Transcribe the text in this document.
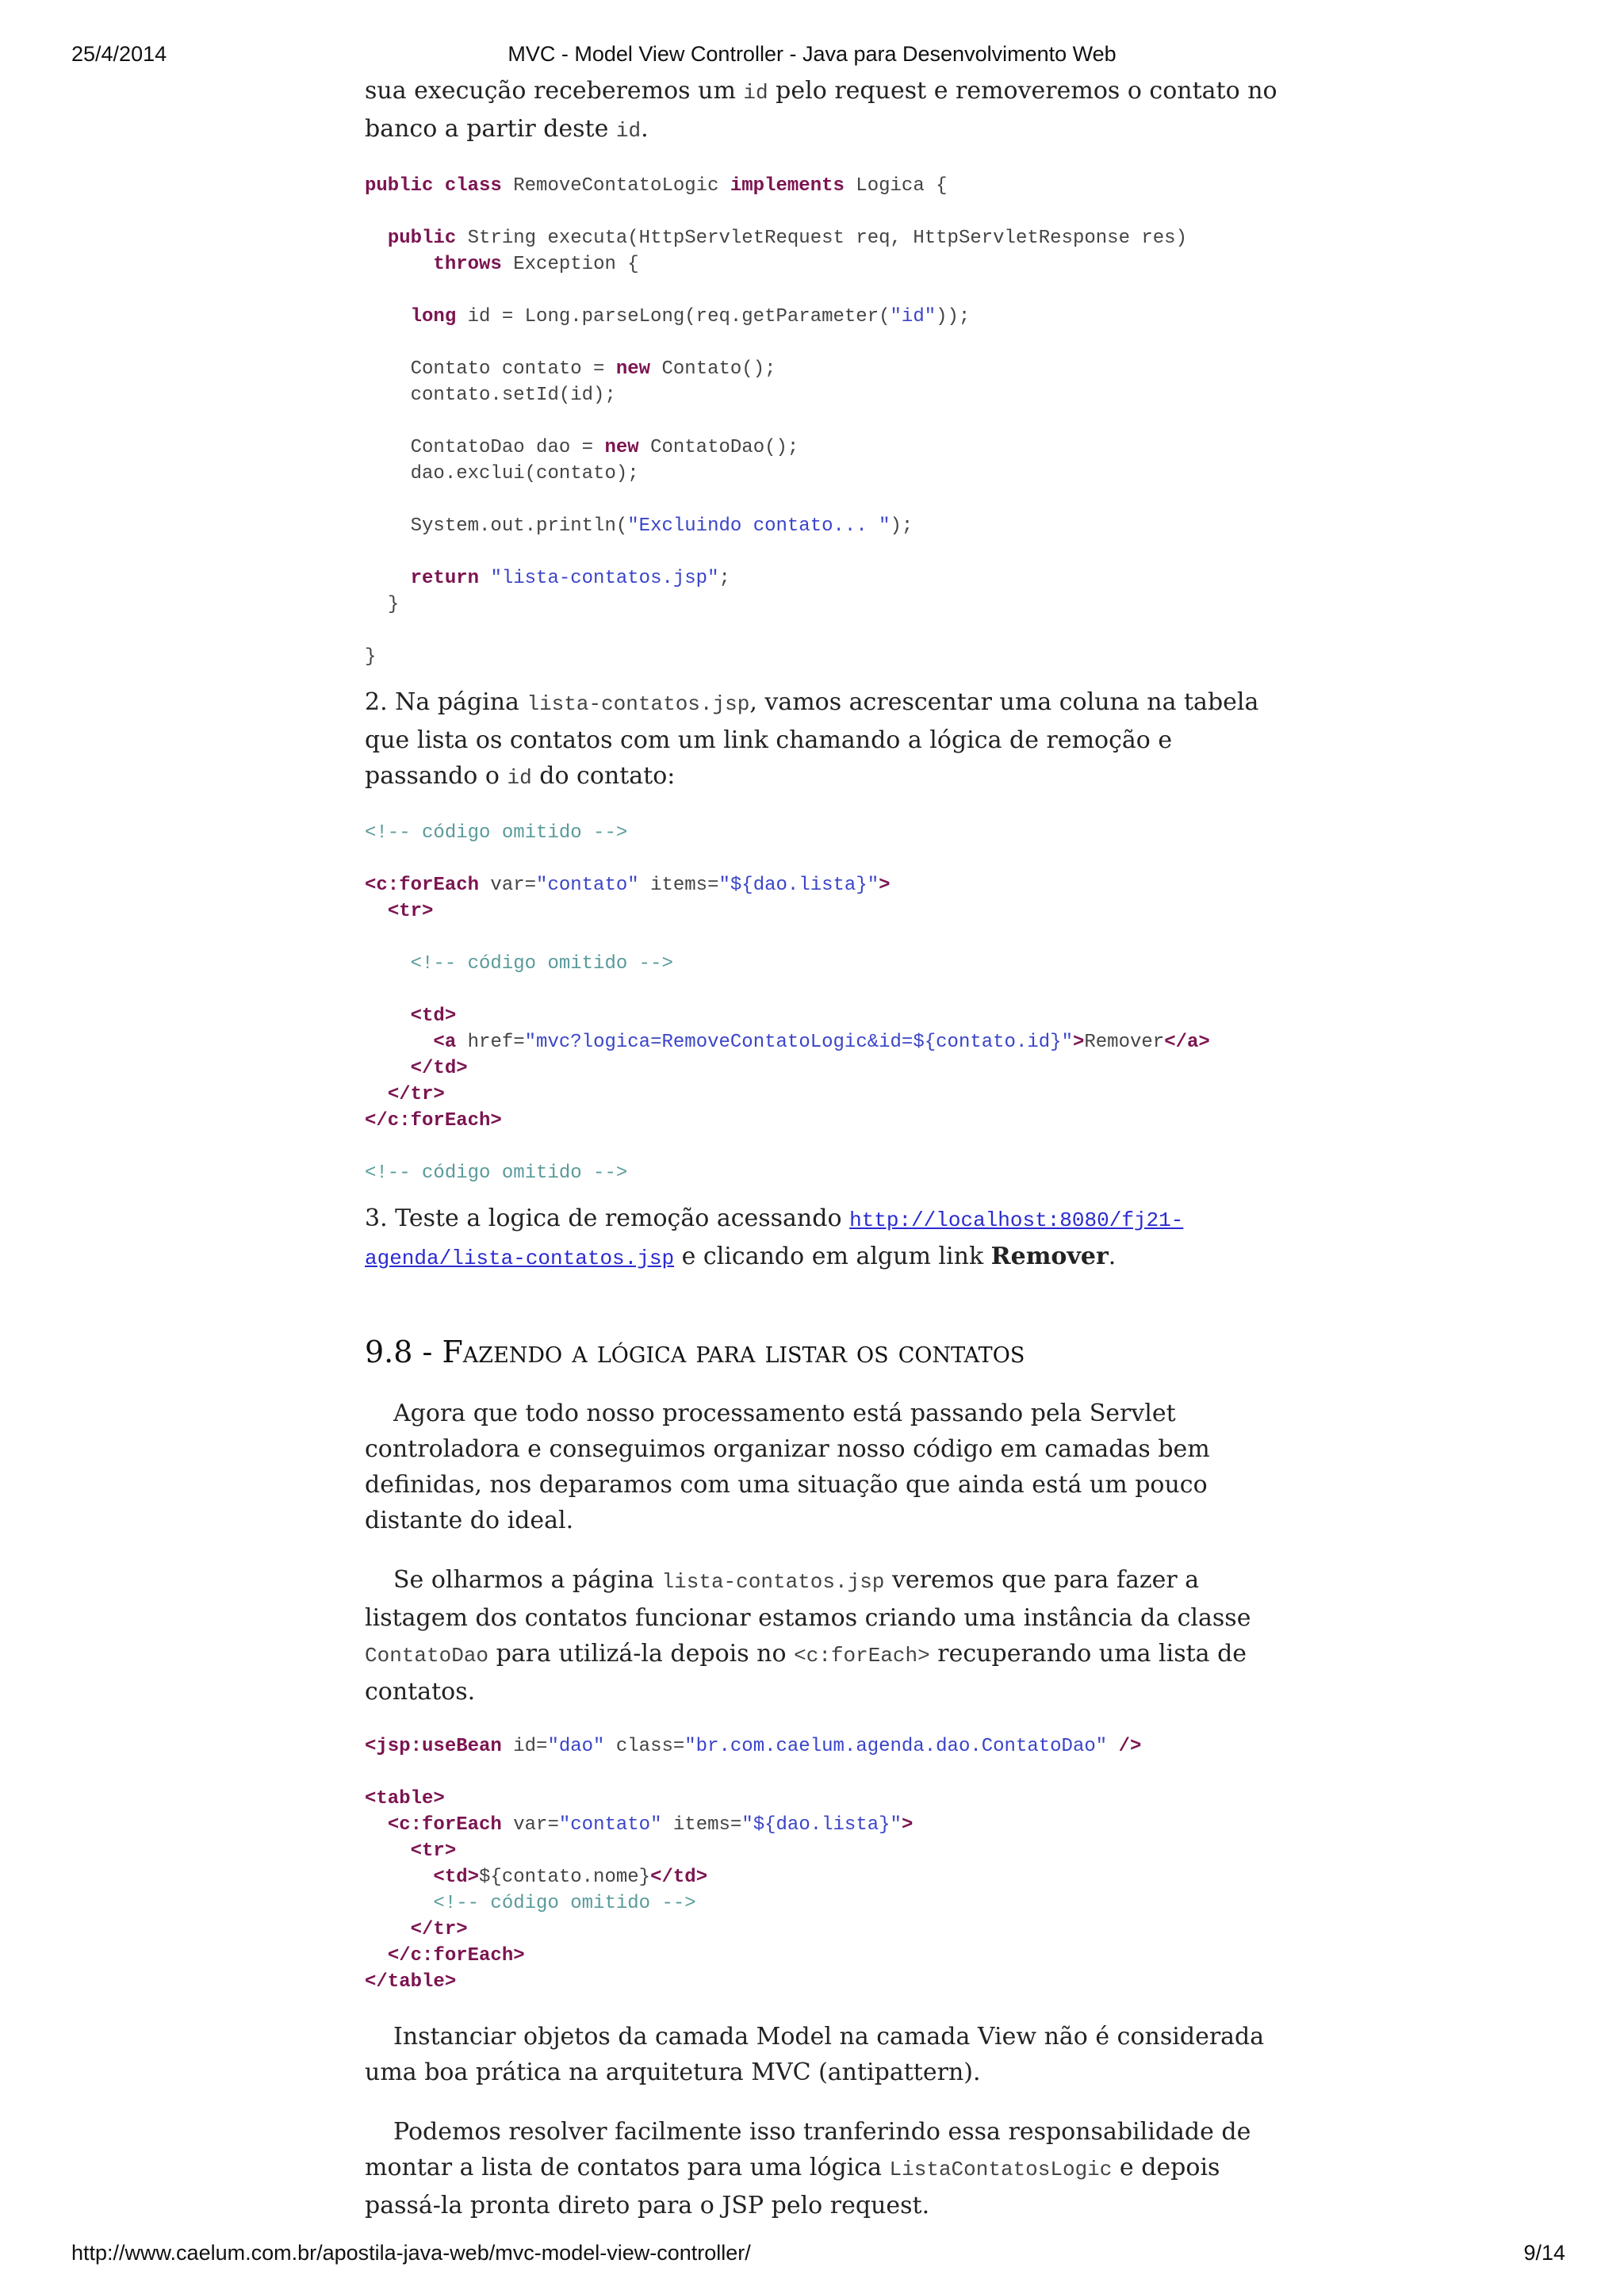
25/4/2014	MVC - Model View Controller - Java para Desenvolvimento Web

sua execução receberemos um id pelo request e removeremos o contato no banco a partir deste id.

public class RemoveContatoLogic implements Logica {

public String executa(HttpServletRequest req, HttpServletResponse res)
throws Exception {

long id = Long.parseLong(req.getParameter("id"));

Contato contato = new Contato();
contato.setId(id);

ContatoDao dao = new ContatoDao();
dao.exclui(contato);

System.out.println("Excluindo contato... ");

return "lista-contatos.jsp";
}

}

2. Na página lista-contatos.jsp, vamos acrescentar uma coluna na tabela que lista os contatos com um link chamando a lógica de remoção e passando o id do contato:

<!-- código omitido -->

<c:forEach var="contato" items="${dao.lista}">
<tr>

<!-- código omitido -->

<td>
<a href="mvc?logica=RemoveContatoLogic&id=${contato.id}">Remover</a>
</td>
</tr>
</c:forEach>

<!-- código omitido -->

3. Teste a logica de remoção acessando http://localhost:8080/fj21-agenda/lista-contatos.jsp e clicando em algum link Remover.

9.8 - Fazendo a lógica para listar os contatos

Agora que todo nosso processamento está passando pela Servlet controladora e conseguimos organizar nosso código em camadas bem definidas, nos deparamos com uma situação que ainda está um pouco distante do ideal.

Se olharmos a página lista-contatos.jsp veremos que para fazer a listagem dos contatos funcionar estamos criando uma instância da classe ContatoDao para utilizá-la depois no <c:forEach> recuperando uma lista de contatos.

<jsp:useBean id="dao" class="br.com.caelum.agenda.dao.ContatoDao" />

<table>
<c:forEach var="contato" items="${dao.lista}">
<tr>
<td>${contato.nome}</td>
<!-- código omitido -->
</tr>
</c:forEach>
</table>

Instanciar objetos da camada Model na camada View não é considerada uma boa prática na arquitetura MVC (antipattern).

Podemos resolver facilmente isso tranferindo essa responsabilidade de montar a lista de contatos para uma lógica ListaContatosLogic e depois passá-la pronta direto para o JSP pelo request.

http://www.caelum.com.br/apostila-java-web/mvc-model-view-controller/	9/14
